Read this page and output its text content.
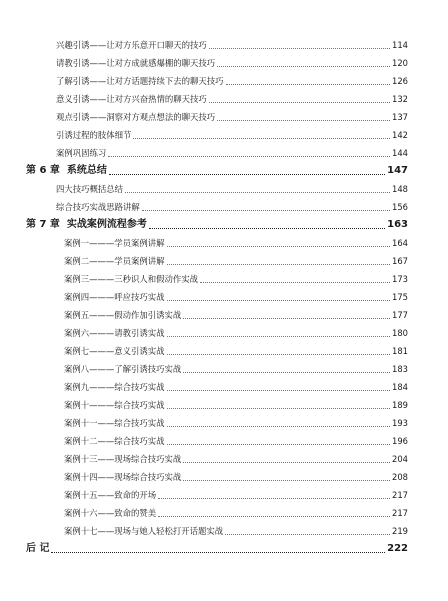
兴趣引诱——让对方乐意开口聊天的技巧	114
请教引诱——让对方成就感爆棚的聊天技巧	120
了解引诱——让对方话题持续下去的聊天技巧	126
意义引诱——让对方兴奋热情的聊天技巧	132
观点引诱——洞察对方观点想法的聊天技巧	137
引诱过程的肢体细节	142
案例巩固练习	144
第 6 章  系统总结	147
四大技巧概括总结	148
综合技巧实战思路讲解	156
第 7 章  实战案例流程参考	163
案例一———学员案例讲解	164
案例二———学员案例讲解	167
案例三———三秒识人和假动作实战	173
案例四———呼应技巧实战	175
案例五———假动作加引诱实战	177
案例六———请教引诱实战	180
案例七———意义引诱实战	181
案例八———了解引诱技巧实战	183
案例九———综合技巧实战	184
案例十———综合技巧实战	189
案例十一——综合技巧实战	193
案例十二——综合技巧实战	196
案例十三——现场综合技巧实战	204
案例十四——现场综合技巧实战	208
案例十五——致命的开场	217
案例十六——致命的赞美	217
案例十七——现场与她人轻松打开话题实战	219
后 记	222
